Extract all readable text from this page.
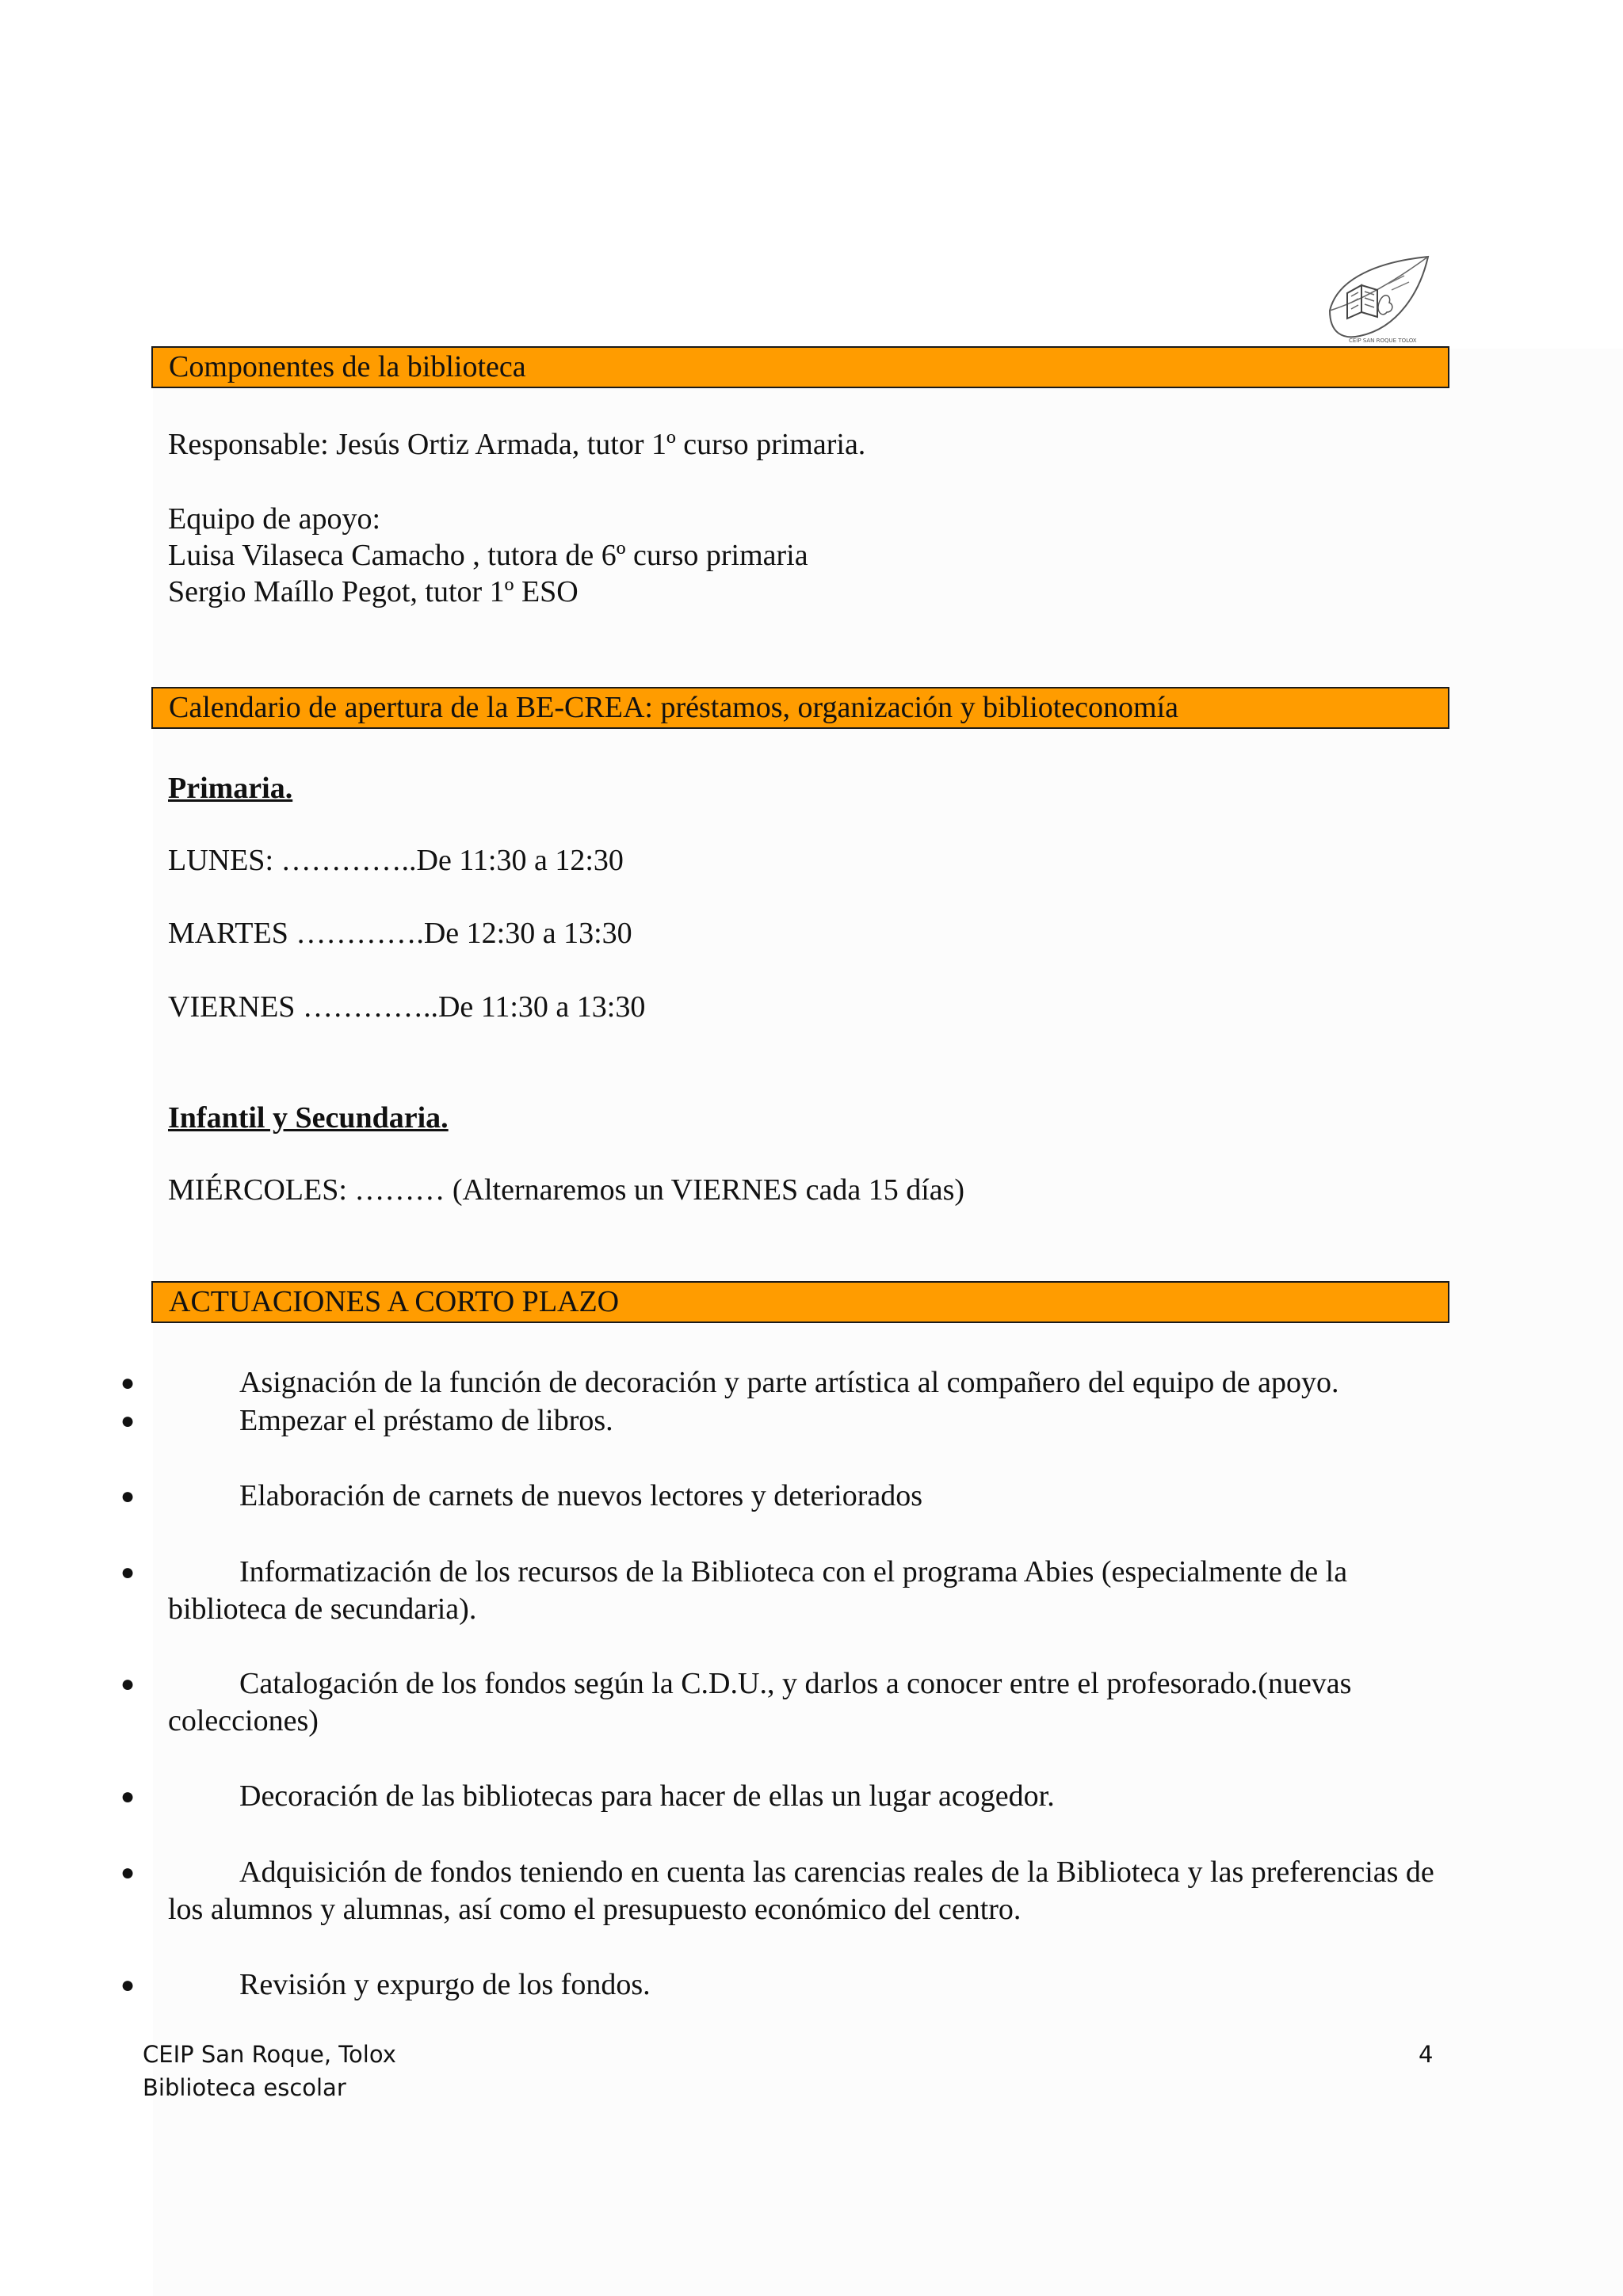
CEIP SAN ROQUE TOLOX
Componentes de la biblioteca
Responsable: Jesús Ortiz Armada, tutor 1º curso primaria.
Equipo de apoyo:
Luisa Vilaseca Camacho , tutora de 6º curso primaria
Sergio Maíllo Pegot, tutor 1º ESO
Calendario de apertura de la BE-CREA: préstamos, organización y biblioteconomía
Primaria.
LUNES: …………..De 11:30 a 12:30
MARTES ………….De 12:30 a 13:30
VIERNES …………..De 11:30 a 13:30
Infantil y Secundaria.
MIÉRCOLES: ……… (Alternaremos un VIERNES cada 15 días)
ACTUACIONES A CORTO PLAZO
●	Asignación de la función de decoración y parte artística al compañero del equipo de apoyo.
●	Empezar el préstamo de libros.
●	Elaboración de carnets de nuevos lectores y deteriorados
●	Informatización de los recursos de la Biblioteca con el programa Abies (especialmente de la biblioteca de secundaria).
●	Catalogación de los fondos según la C.D.U., y darlos a conocer entre el profesorado.(nuevas colecciones)
●	Decoración de las bibliotecas para hacer de ellas un lugar acogedor.
●	Adquisición de fondos teniendo en cuenta las carencias reales de la Biblioteca y las preferencias de los alumnos y alumnas, así como el presupuesto económico del centro.
●	Revisión y expurgo de los fondos.
CEIP San Roque, Tolox
Biblioteca escolar
4
